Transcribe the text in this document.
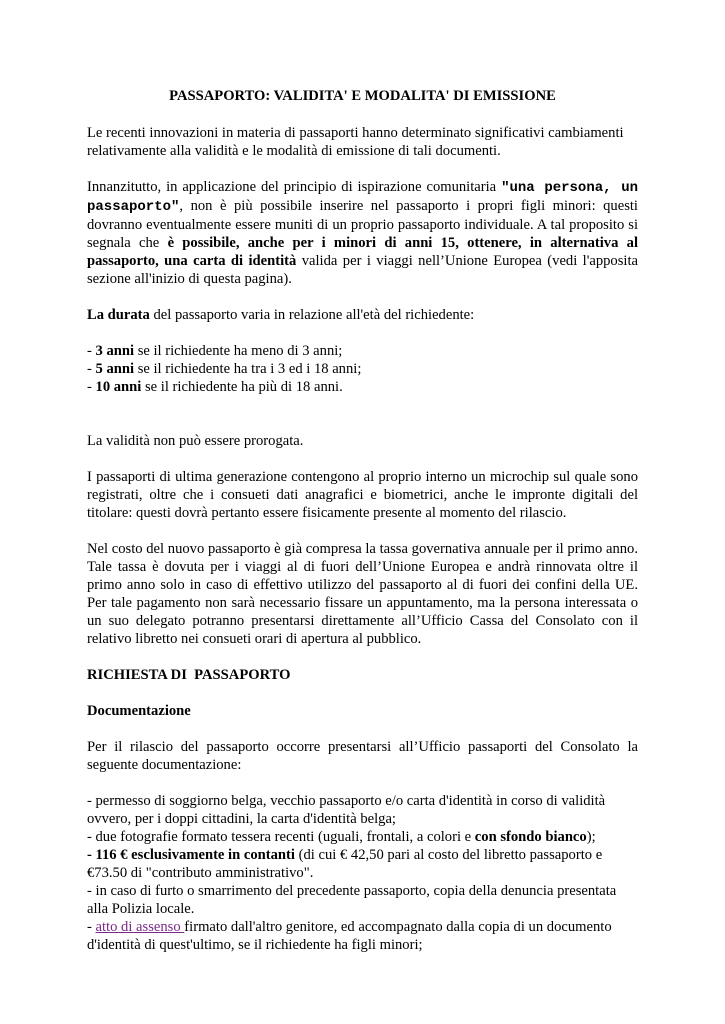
PASSAPORTO: VALIDITA' E MODALITA' DI EMISSIONE

Le recenti innovazioni in materia di passaporti hanno determinato significativi cambiamenti relativamente alla validità e le modalità di emissione di tali documenti.

Innanzitutto, in applicazione del principio di ispirazione comunitaria "una persona, un passaporto", non è più possibile inserire nel passaporto i propri figli minori: questi dovranno eventualmente essere muniti di un proprio passaporto individuale. A tal proposito si segnala che è possibile, anche per i minori di anni 15, ottenere, in alternativa al passaporto, una carta di identità valida per i viaggi nell’Unione Europea (vedi l'apposita sezione all'inizio di questa pagina).

La durata del passaporto varia in relazione all'età del richiedente:

- 3 anni se il richiedente ha meno di 3 anni;
- 5 anni se il richiedente ha tra i 3 ed i 18 anni;
- 10 anni se il richiedente ha più di 18 anni.

La validità non può essere prorogata.

I passaporti di ultima generazione contengono al proprio interno un microchip sul quale sono registrati, oltre che i consueti dati anagrafici e biometrici, anche le impronte digitali del titolare: questi dovrà pertanto essere fisicamente presente al momento del rilascio.

Nel costo del nuovo passaporto è già compresa la tassa governativa annuale per il primo anno. Tale tassa è dovuta per i viaggi al di fuori dell’Unione Europea e andrà rinnovata oltre il primo anno solo in caso di effettivo utilizzo del passaporto al di fuori dei confini della UE. Per tale pagamento non sarà necessario fissare un appuntamento, ma la persona interessata o un suo delegato potranno presentarsi direttamente all’Ufficio Cassa del Consolato con il relativo libretto nei consueti orari di apertura al pubblico.

RICHIESTA DI  PASSAPORTO
Documentazione

Per il rilascio del passaporto occorre presentarsi all’Ufficio passaporti del Consolato la seguente documentazione:

- permesso di soggiorno belga, vecchio passaporto e/o carta d'identità in corso di validità ovvero, per i doppi cittadini, la carta d'identità belga;
- due fotografie formato tessera recenti (uguali, frontali, a colori e con sfondo bianco);
- 116 € esclusivamente in contanti (di cui € 42,50 pari al costo del libretto passaporto e €73.50 di "contributo amministrativo".
- in caso di furto o smarrimento del precedente passaporto, copia della denuncia presentata alla Polizia locale.
- atto di assenso firmato dall'altro genitore, ed accompagnato dalla copia di un documento d'identità di quest'ultimo, se il richiedente ha figli minori;
